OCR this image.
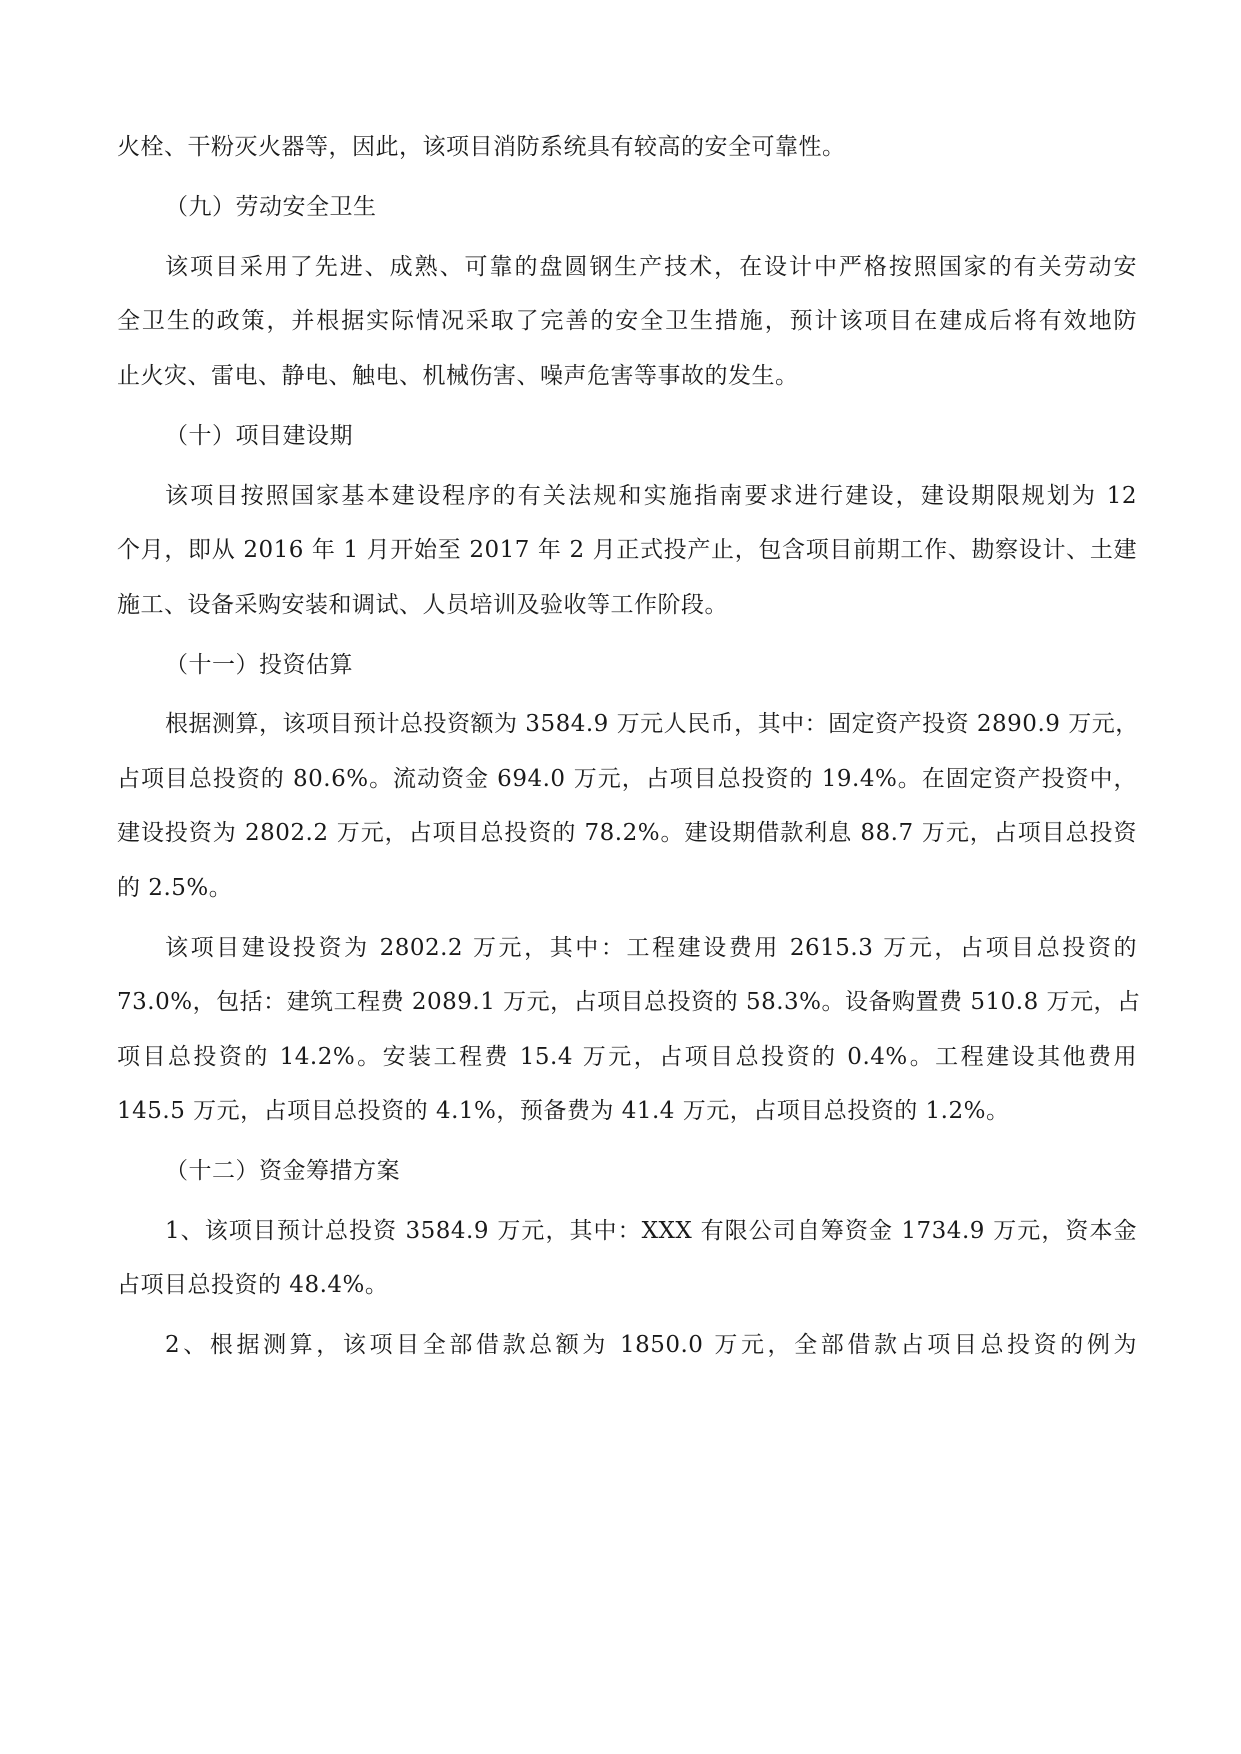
火栓、干粉灭火器等，因此，该项目消防系统具有较高的安全可靠性。
（九）劳动安全卫生
该项目采用了先进、成熟、可靠的盘圆钢生产技术，在设计中严格按照国家的有关劳动安
全卫生的政策，并根据实际情况采取了完善的安全卫生措施，预计该项目在建成后将有效地防
止火灾、雷电、静电、触电、机械伤害、噪声危害等事故的发生。
（十）项目建设期
该项目按照国家基本建设程序的有关法规和实施指南要求进行建设，建设期限规划为 12
个月，即从 2016 年 1 月开始至 2017 年 2 月正式投产止，包含项目前期工作、勘察设计、土建
施工、设备采购安装和调试、人员培训及验收等工作阶段。
（十一）投资估算
根据测算，该项目预计总投资额为 3584.9 万元人民币，其中：固定资产投资 2890.9 万元，
占项目总投资的 80.6%。流动资金 694.0 万元，占项目总投资的 19.4%。在固定资产投资中，
建设投资为 2802.2 万元，占项目总投资的 78.2%。建设期借款利息 88.7 万元，占项目总投资
的 2.5%。
该项目建设投资为 2802.2 万元，其中：工程建设费用 2615.3 万元，占项目总投资的
73.0%，包括：建筑工程费 2089.1 万元，占项目总投资的 58.3%。设备购置费 510.8 万元，占
项目总投资的 14.2%。安装工程费 15.4 万元，占项目总投资的 0.4%。工程建设其他费用
145.5 万元，占项目总投资的 4.1%，预备费为 41.4 万元，占项目总投资的 1.2%。
（十二）资金筹措方案
1、该项目预计总投资 3584.9 万元，其中：XXX 有限公司自筹资金 1734.9 万元，资本金
占项目总投资的 48.4%。
2、根据测算，该项目全部借款总额为 1850.0 万元，全部借款占项目总投资的例为
